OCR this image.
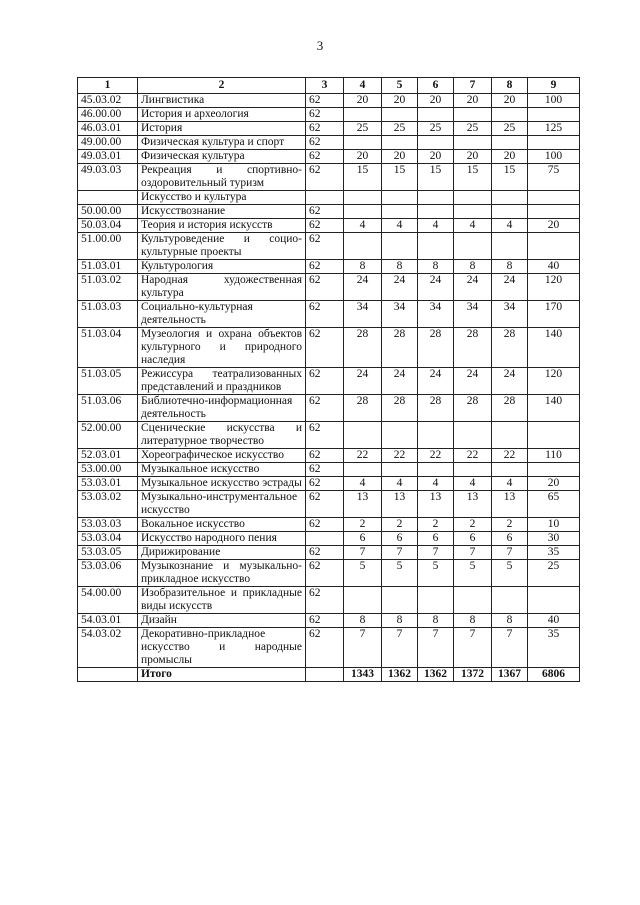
3
1	2	3	4	5	6	7	8	9
45.03.02	Лингвистика	62	20	20	20	20	20	100
46.00.00	История и археология	62						
46.03.01	История	62	25	25	25	25	25	125
49.00.00	Физическая культура и спорт	62						
49.03.01	Физическая культура	62	20	20	20	20	20	100
49.03.03	Рекреация и спортивно-оздоровительный туризм	62	15	15	15	15	15	75
	Искусство и культура							
50.00.00	Искусствознание	62						
50.03.04	Теория и история искусств	62	4	4	4	4	4	20
51.00.00	Культуроведение и социо-культурные проекты	62						
51.03.01	Культурология	62	8	8	8	8	8	40
51.03.02	Народная художественная культура	62	24	24	24	24	24	120
51.03.03	Социально-культурная деятельность	62	34	34	34	34	34	170
51.03.04	Музеология и охрана объектов культурного и природного наследия	62	28	28	28	28	28	140
51.03.05	Режиссура театрализованных представлений и праздников	62	24	24	24	24	24	120
51.03.06	Библиотечно-информационная деятельность	62	28	28	28	28	28	140
52.00.00	Сценические искусства и литературное творчество	62						
52.03.01	Хореографическое искусство	62	22	22	22	22	22	110
53.00.00	Музыкальное искусство	62						
53.03.01	Музыкальное искусство эстрады	62	4	4	4	4	4	20
53.03.02	Музыкально-инструментальное искусство	62	13	13	13	13	13	65
53.03.03	Вокальное искусство	62	2	2	2	2	2	10
53.03.04	Искусство народного пения		6	6	6	6	6	30
53.03.05	Дирижирование	62	7	7	7	7	7	35
53.03.06	Музыкознание и музыкально-прикладное искусство	62	5	5	5	5	5	25
54.00.00	Изобразительное и прикладные виды искусств	62						
54.03.01	Дизайн	62	8	8	8	8	8	40
54.03.02	Декоративно-прикладное искусство и народные промыслы	62	7	7	7	7	7	35
	Итого		1343	1362	1362	1372	1367	6806
